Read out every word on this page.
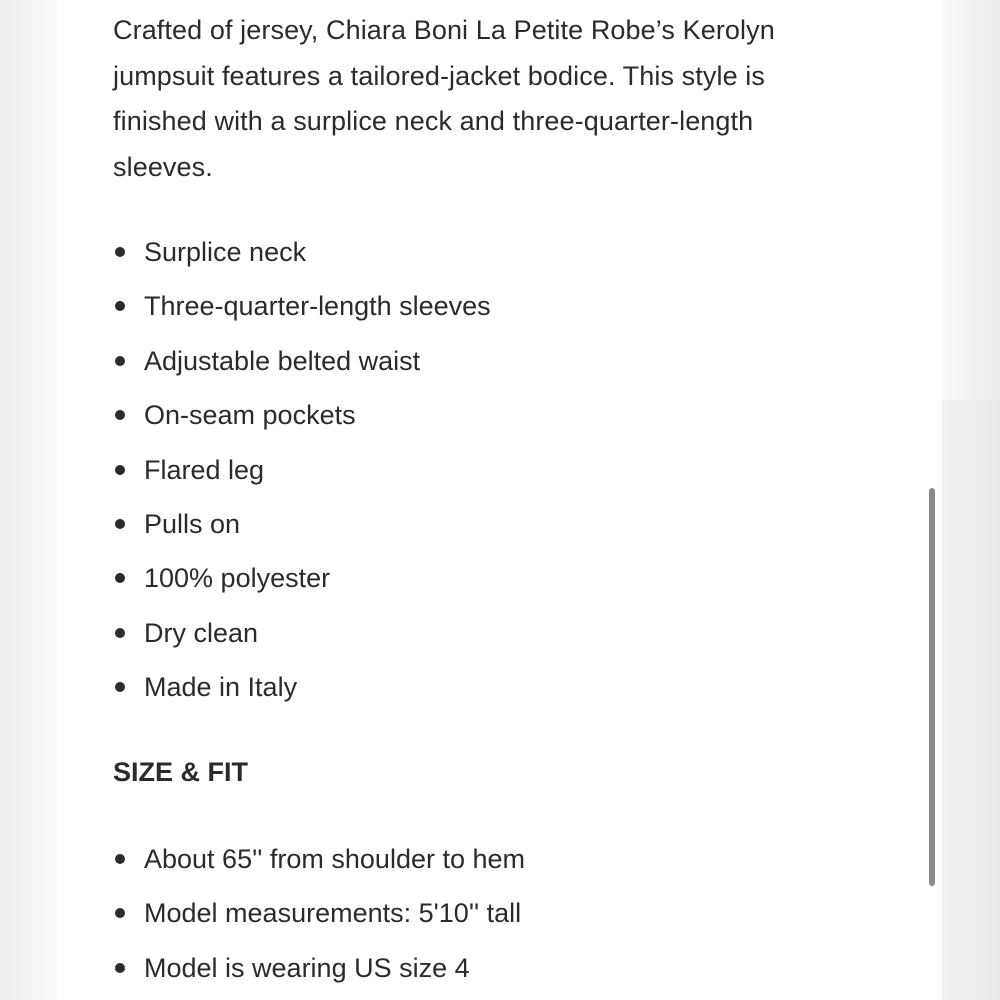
Crafted of jersey, Chiara Boni La Petite Robe’s Kerolyn jumpsuit features a tailored-jacket bodice. This style is finished with a surplice neck and three-quarter-length sleeves.

Surplice neck
Three-quarter-length sleeves
Adjustable belted waist
On-seam pockets
Flared leg
Pulls on
100% polyester
Dry clean
Made in Italy
SIZE & FIT
About 65'' from shoulder to hem
Model measurements: 5'10'' tall
Model is wearing US size 4
